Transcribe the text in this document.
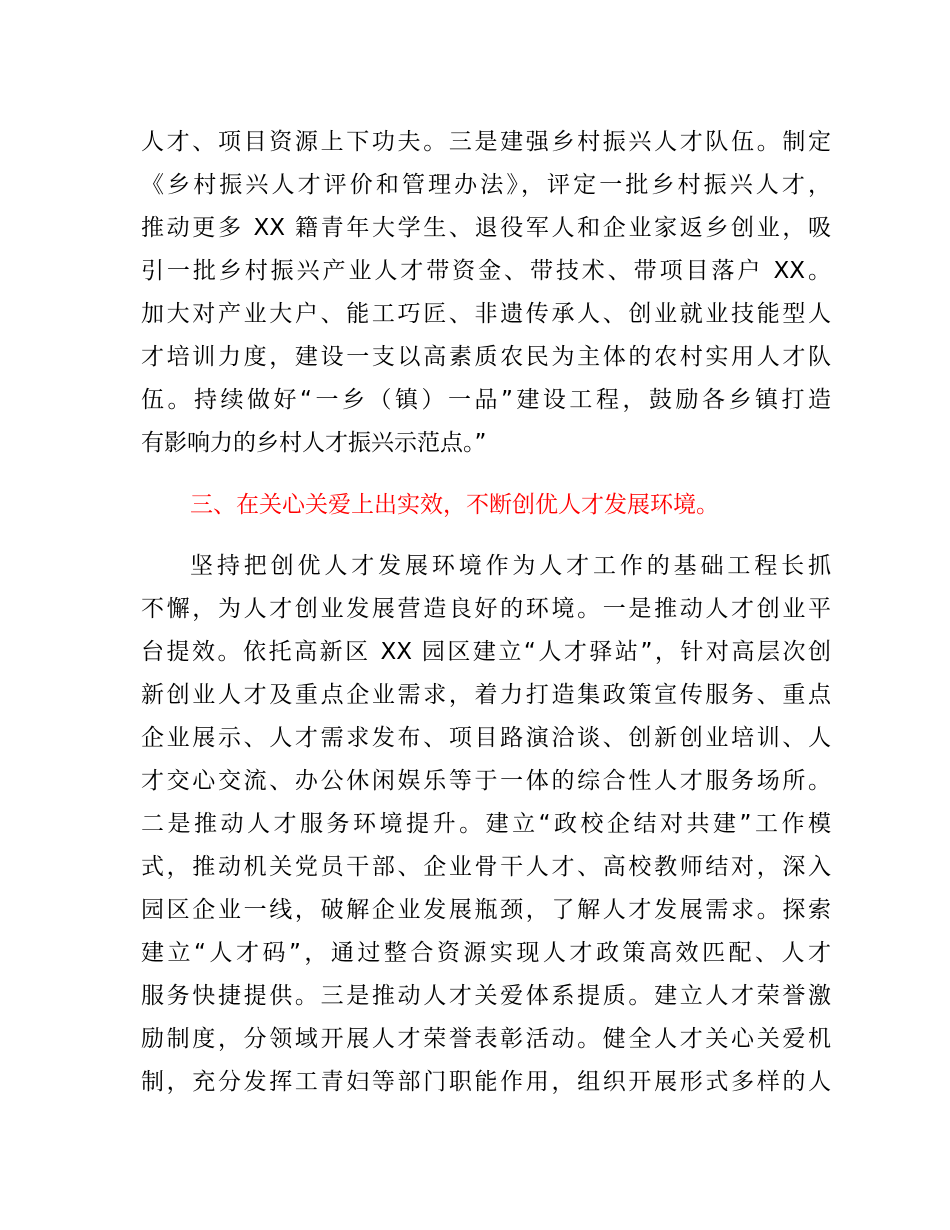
人才、项目资源上下功夫。三是建强乡村振兴人才队伍。制定
《乡村振兴人才评价和管理办法》，评定一批乡村振兴人才，
推动更多 XX 籍青年大学生、退役军人和企业家返乡创业，吸
引一批乡村振兴产业人才带资金、带技术、带项目落户 XX。
加大对产业大户、能工巧匠、非遗传承人、创业就业技能型人
才培训力度，建设一支以高素质农民为主体的农村实用人才队
伍。持续做好“一乡（镇）一品”建设工程，鼓励各乡镇打造
有影响力的乡村人才振兴示范点。”
三、在关心关爱上出实效，不断创优人才发展环境。
坚持把创优人才发展环境作为人才工作的基础工程长抓
不懈，为人才创业发展营造良好的环境。一是推动人才创业平
台提效。依托高新区 XX 园区建立“人才驿站”，针对高层次创
新创业人才及重点企业需求，着力打造集政策宣传服务、重点
企业展示、人才需求发布、项目路演洽谈、创新创业培训、人
才交心交流、办公休闲娱乐等于一体的综合性人才服务场所。
二是推动人才服务环境提升。建立“政校企结对共建”工作模
式，推动机关党员干部、企业骨干人才、高校教师结对，深入
园区企业一线，破解企业发展瓶颈，了解人才发展需求。探索
建立“人才码”，通过整合资源实现人才政策高效匹配、人才
服务快捷提供。三是推动人才关爱体系提质。建立人才荣誉激
励制度，分领域开展人才荣誉表彰活动。健全人才关心关爱机
制，充分发挥工青妇等部门职能作用，组织开展形式多样的人
